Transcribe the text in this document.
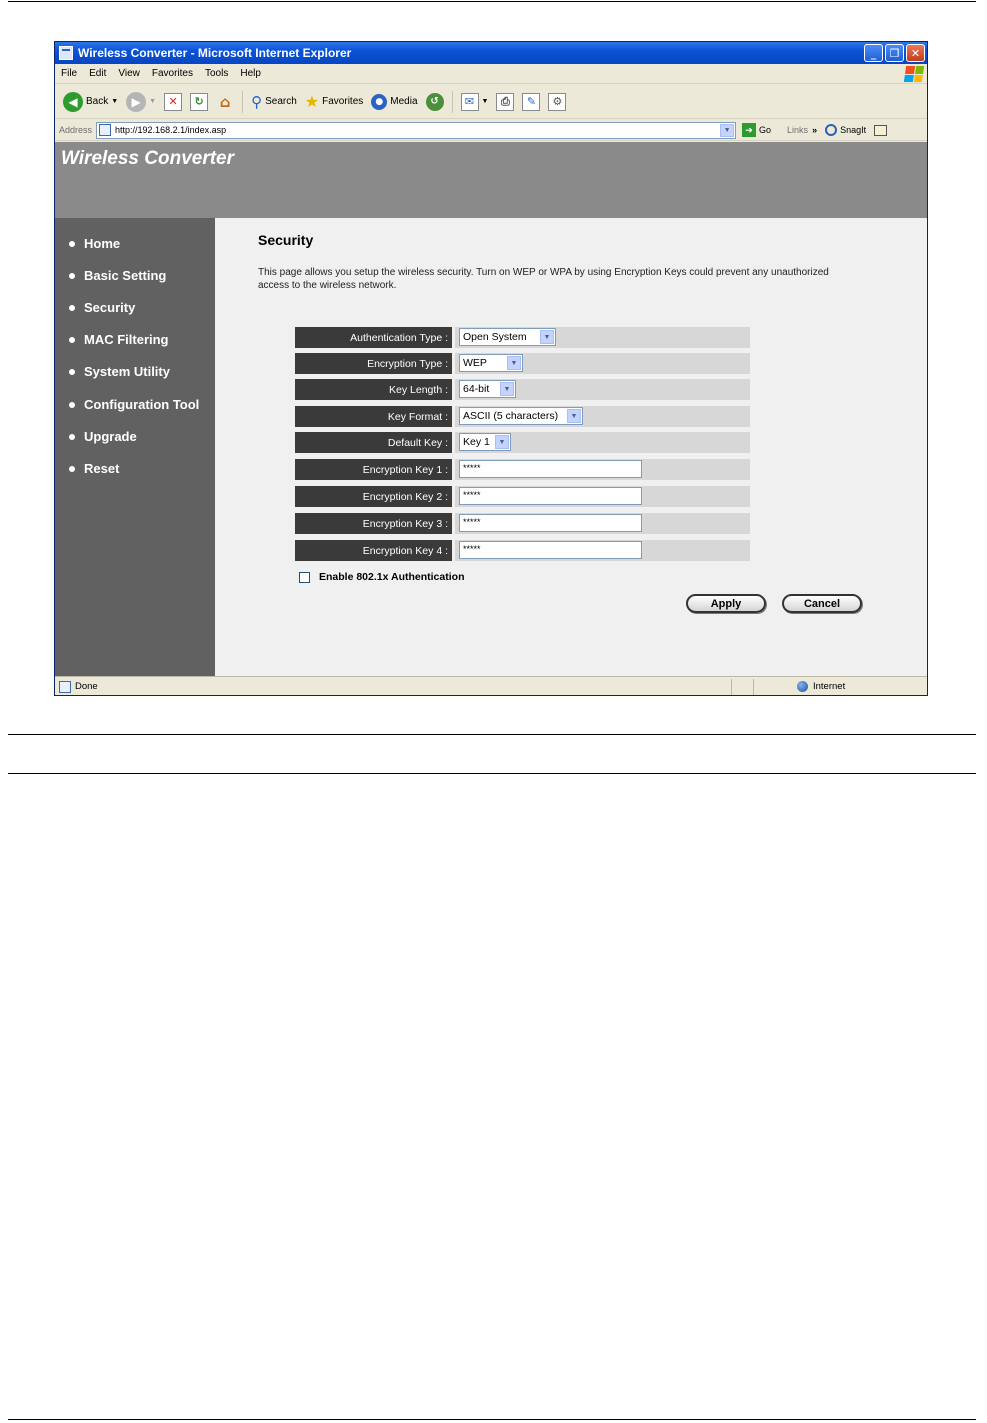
Wireless Converter - Microsoft Internet Explorer	_	❐	✕
File Edit View Favorites Tools Help
◀ Back ▼	▶	▼	✕	↻ ⌂ ⚲ Search ★ Favorites	● Media	↺	✉	▼	⎙	✎	⚙
Address	http://192.168.2.1/index.asp	▼	➜ Go Links »	SnagIt
Wireless Converter
Home
Basic Setting
Security
MAC Filtering
System Utility
Configuration Tool
Upgrade
Reset
Security
This page allows you setup the wireless security. Turn on WEP or WPA by using Encryption Keys could prevent any unauthorized access to the wireless network.
Authentication Type :	Open System	▼
Encryption Type :	WEP	▼
Key Length :	64-bit	▼
Key Format :	ASCII (5 characters)	▼
Default Key :	Key 1	▼
Encryption Key 1 :	*****
Encryption Key 2 :	*****
Encryption Key 3 :	*****
Encryption Key 4 :	*****
Enable 802.1x Authentication
Apply	Cancel
Done	Internet
